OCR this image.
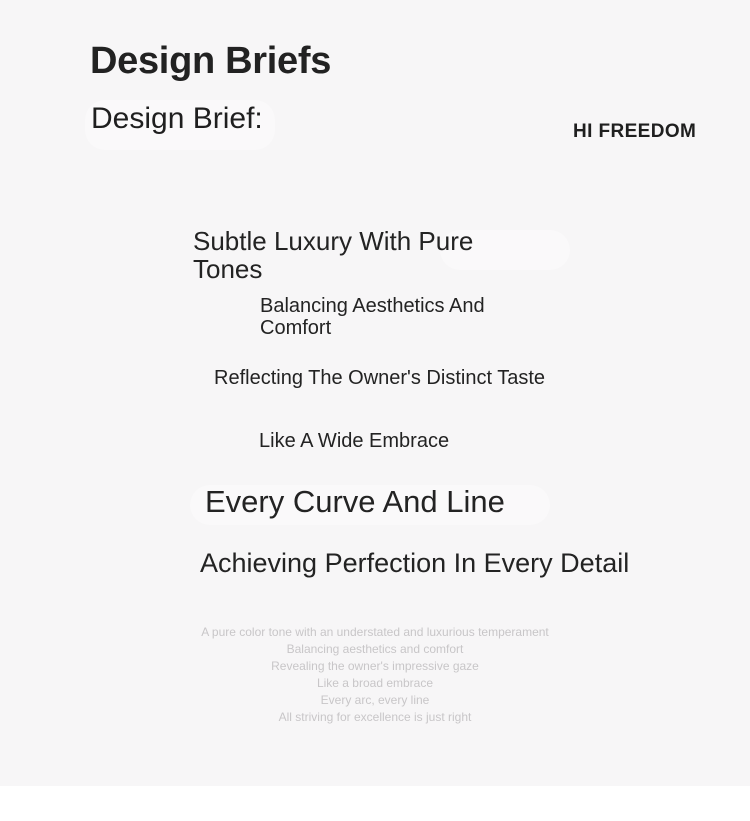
Design Briefs
Design Brief:	HI FREEDOM
Subtle Luxury With Pure Tones
Balancing Aesthetics And Comfort
Reflecting The Owner's Distinct Taste
Like A Wide Embrace
Every Curve And Line
Achieving Perfection In Every Detail
A pure color tone with an understated and luxurious temperament
Balancing aesthetics and comfort
Revealing the owner's impressive gaze
Like a broad embrace
Every arc, every line
All striving for excellence is just right
